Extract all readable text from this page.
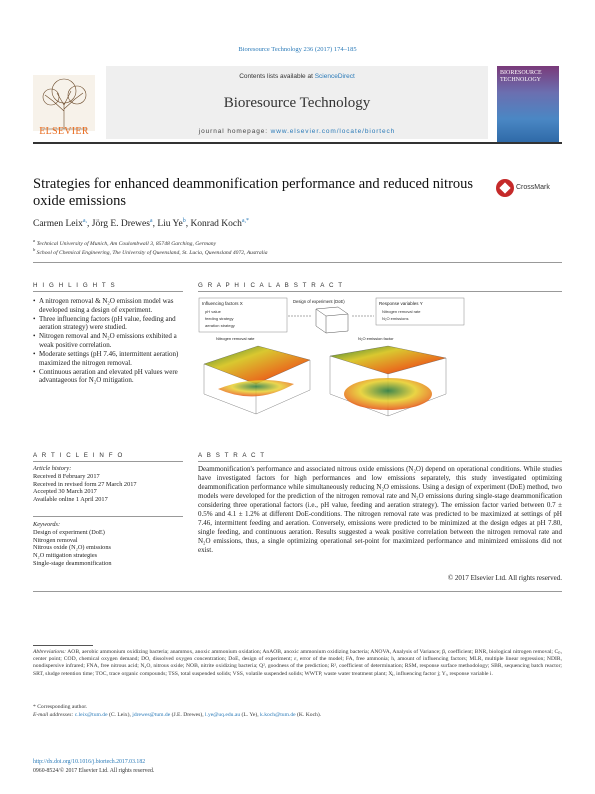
Bioresource Technology 236 (2017) 174–185
ELSEVIER
Contents lists available at ScienceDirect
Bioresource Technology
journal homepage: www.elsevier.com/locate/biortech
BIORESOURCE TECHNOLOGY
Strategies for enhanced deammonification performance and reduced nitrous oxide emissions
CrossMark
Carmen Leix$^{a,}$, Jörg E. Drewes$^a$, Liu Ye$^b$, Konrad Koch$^{a,*}$
$^a$ Technical University of Munich, Am Coulombwall 3, 85748 Garching, Germany
$^b$ School of Chemical Engineering, The University of Queensland, St. Lucia, Queensland 4072, Australia
H I G H L I G H T S
• A nitrogen removal & N₂O emission model was developed using a design of experiment.
• Three influencing factors (pH value, feeding and aeration strategy) were studied.
• Nitrogen removal and N₂O emissions exhibited a weak positive correlation.
• Moderate settings (pH 7.46, intermittent aeration) maximized the nitrogen removal.
• Continuous aeration and elevated pH values were advantageous for N₂O mitigation.
G R A P H I C A L A B S T R A C T
Influencing factors X
pH value
feeding strategy
aeration strategy
Design of experiment (DoE)	Response variables Y
Nitrogen removal rate
N₂O emissions
Nitrogen removal rate	N₂O emission factor
A R T I C L E I N F O
Article history:
Received 8 February 2017
Received in revised form 27 March 2017
Accepted 30 March 2017
Available online 1 April 2017
Keywords:
Design of experiment (DoE)
Nitrogen removal
Nitrous oxide (N₂O) emissions
N₂O mitigation strategies
Single-stage deammonification
A B S T R A C T
Deammonification's performance and associated nitrous oxide emissions (N₂O) depend on operational conditions. While studies have investigated factors for high performances and low emissions separately, this study investigated optimizing deammonification performance while simultaneously reducing N₂O emissions. Using a design of experiment (DoE) method, two models were developed for the prediction of the nitrogen removal rate and N₂O emissions during single-stage deammonification considering three operational factors (i.e., pH value, feeding and aeration strategy). The emission factor varied between 0.7 ± 0.5% and 4.1 ± 1.2% at different DoE-conditions. The nitrogen removal rate was predicted to be maximized at settings of pH 7.46, intermittent feeding and aeration. Conversely, emissions were predicted to be minimized at the design edges at pH 7.80, single feeding, and continuous aeration. Results suggested a weak positive correlation between the nitrogen removal rate and N₂O emissions, thus, a single optimizing operational set-point for maximized performance and minimized emissions did not exist.
© 2017 Elsevier Ltd. All rights reserved.
Abbreviations: AOB, aerobic ammonium oxidizing bacteria; anammox, anoxic ammonium oxidation; AnAOB, anoxic ammonium oxidizing bacteria; ANOVA, Analysis of Variance; β, coefficient; BNR, biological nitrogen removal; Cₚ, center point; COD, chemical oxygen demand; DO, dissolved oxygen concentration; DoE, design of experiment; ε, error of the model; FA, free ammonia; h, amount of influencing factors; MLR, multiple linear regression; NDIR, nondispersive infrared; FNA, free nitrous acid; N₂O, nitrous oxide; NOB, nitrite oxidizing bacteria; Q², goodness of the prediction; R², coefficient of determination; RSM, response surface methodology; SBR, sequencing batch reactor; SRT, sludge retention time; TOC, trace organic compounds; TSS, total suspended solids; VSS, volatile suspended solids; WWTP, waste water treatment plant; Xⱼ, influencing factor j; Yᵢ, response variable i.
* Corresponding author.
E-mail addresses: c.leix@tum.de (C. Leix), jdrewes@tum.de (J.E. Drewes), l.ye@uq.edu.au (L. Ye), k.koch@tum.de (K. Koch).
http://dx.doi.org/10.1016/j.biortech.2017.03.182
0960-8524/© 2017 Elsevier Ltd. All rights reserved.
